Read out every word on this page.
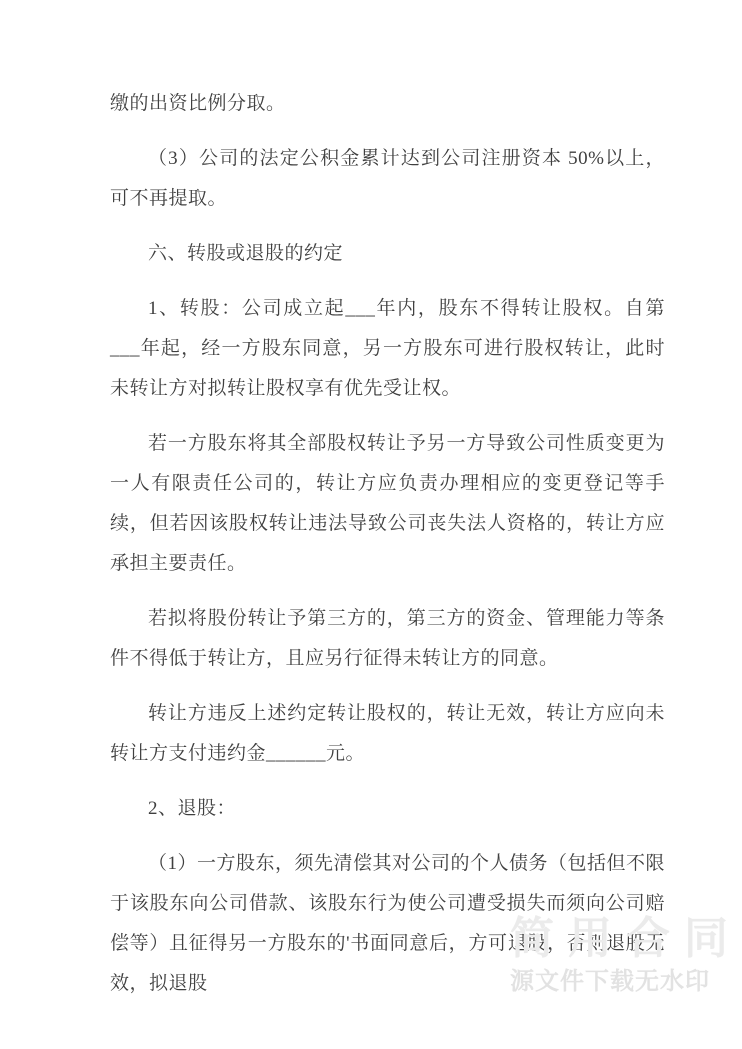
缴的出资比例分取。

（3）公司的法定公积金累计达到公司注册资本 50%以上，可不再提取。

六、转股或退股的约定

1、转股：公司成立起___年内，股东不得转让股权。自第___年起，经一方股东同意，另一方股东可进行股权转让，此时未转让方对拟转让股权享有优先受让权。

若一方股东将其全部股权转让予另一方导致公司性质变更为一人有限责任公司的，转让方应负责办理相应的变更登记等手续，但若因该股权转让违法导致公司丧失法人资格的，转让方应承担主要责任。

若拟将股份转让予第三方的，第三方的资金、管理能力等条件不得低于转让方，且应另行征得未转让方的同意。

转让方违反上述约定转让股权的，转让无效，转让方应向未转让方支付违约金______元。

2、退股：

（1）一方股东，须先清偿其对公司的个人债务（包括但不限于该股东向公司借款、该股东行为使公司遭受损失而须向公司赔偿等）且征得另一方股东的'书面同意后，方可退股，否则退股无效，拟退股

简用合同
源文件下载无水印
